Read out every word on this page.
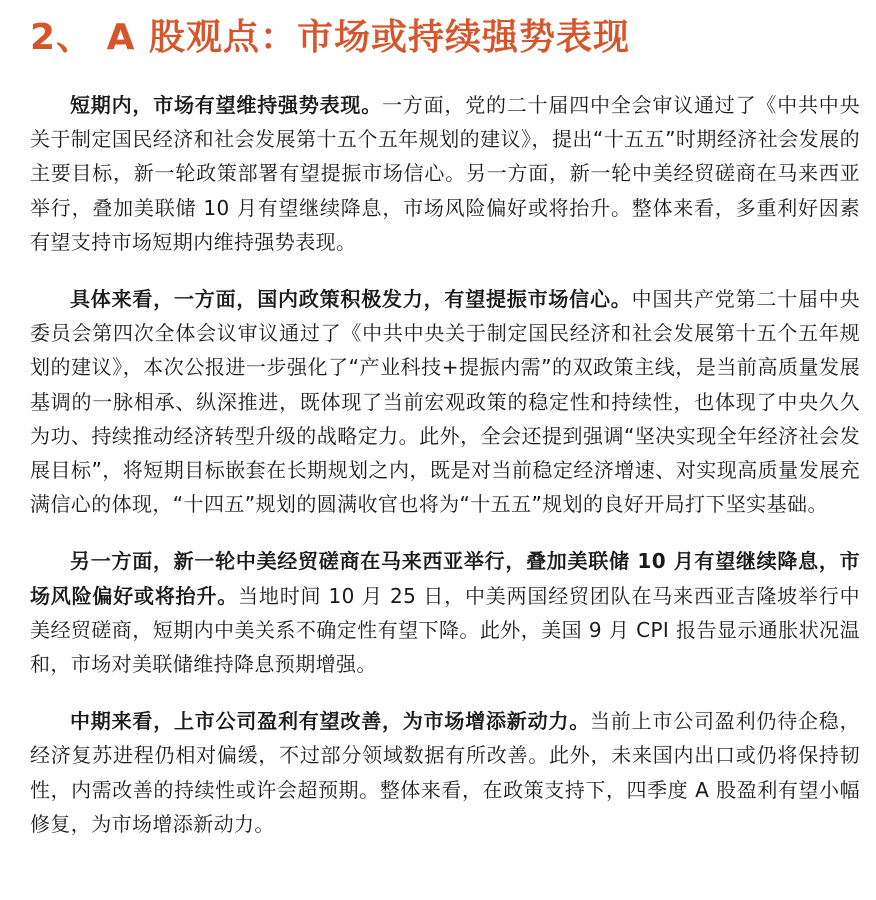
2、 A 股观点：市场或持续强势表现

短期内，市场有望维持强势表现。一方面，党的二十届四中全会审议通过了《中共中央关于制定国民经济和社会发展第十五个五年规划的建议》，提出“十五五”时期经济社会发展的主要目标，新一轮政策部署有望提振市场信心。另一方面，新一轮中美经贸磋商在马来西亚举行，叠加美联储 10 月有望继续降息，市场风险偏好或将抬升。整体来看，多重利好因素有望支持市场短期内维持强势表现。

具体来看，一方面，国内政策积极发力，有望提振市场信心。中国共产党第二十届中央委员会第四次全体会议审议通过了《中共中央关于制定国民经济和社会发展第十五个五年规划的建议》，本次公报进一步强化了“产业科技+提振内需”的双政策主线，是当前高质量发展基调的一脉相承、纵深推进，既体现了当前宏观政策的稳定性和持续性，也体现了中央久久为功、持续推动经济转型升级的战略定力。此外，全会还提到强调“坚决实现全年经济社会发展目标”，将短期目标嵌套在长期规划之内，既是对当前稳定经济增速、对实现高质量发展充满信心的体现，“十四五”规划的圆满收官也将为“十五五”规划的良好开局打下坚实基础。

另一方面，新一轮中美经贸磋商在马来西亚举行，叠加美联储 10 月有望继续降息，市场风险偏好或将抬升。当地时间 10 月 25 日，中美两国经贸团队在马来西亚吉隆坡举行中美经贸磋商，短期内中美关系不确定性有望下降。此外，美国 9 月 CPI 报告显示通胀状况温和，市场对美联储维持降息预期增强。

中期来看，上市公司盈利有望改善，为市场增添新动力。当前上市公司盈利仍待企稳，经济复苏进程仍相对偏缓，不过部分领域数据有所改善。此外，未来国内出口或仍将保持韧性，内需改善的持续性或许会超预期。整体来看，在政策支持下，四季度 A 股盈利有望小幅修复，为市场增添新动力。
